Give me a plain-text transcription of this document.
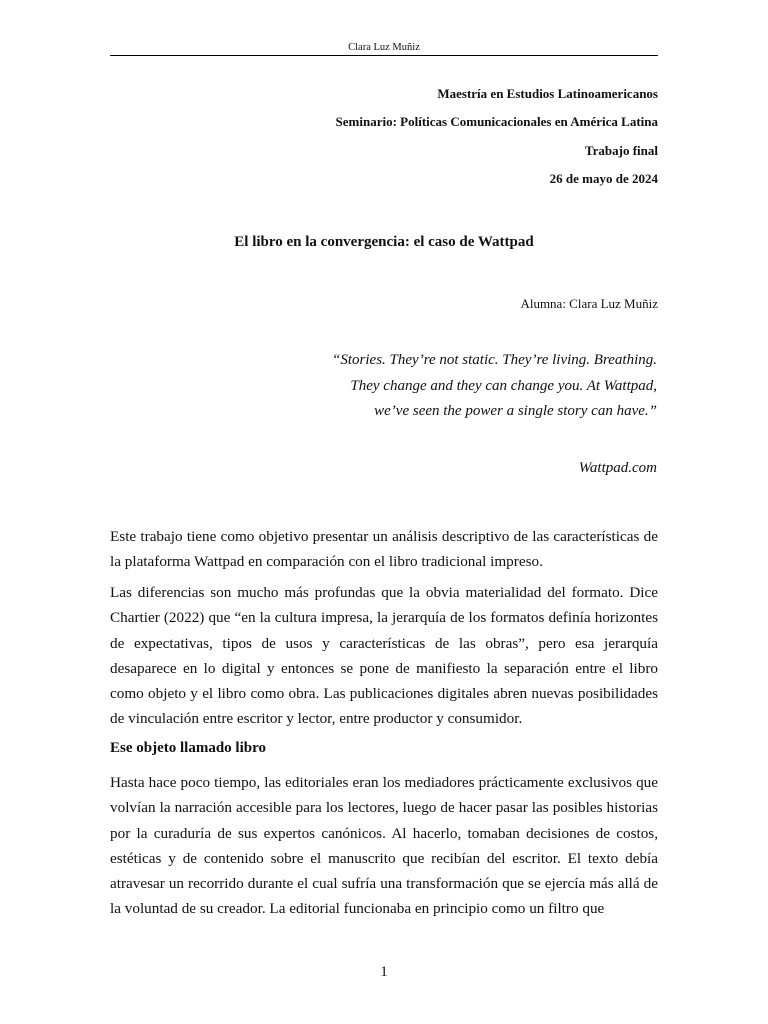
Clara Luz Muñiz
Maestría en Estudios Latinoamericanos
Seminario: Políticas Comunicacionales en América Latina
Trabajo final
26 de mayo de 2024
El libro en la convergencia: el caso de Wattpad
Alumna: Clara Luz Muñiz
“Stories. They’re not static. They’re living. Breathing. They change and they can change you. At Wattpad, we’ve seen the power a single story can have.”
Wattpad.com

Este trabajo tiene como objetivo presentar un análisis descriptivo de las características de la plataforma Wattpad en comparación con el libro tradicional impreso.

Las diferencias son mucho más profundas que la obvia materialidad del formato. Dice Chartier (2022) que “en la cultura impresa, la jerarquía de los formatos definía horizontes de expectativas, tipos de usos y características de las obras”, pero esa jerarquía desaparece en lo digital y entonces se pone de manifiesto la separación entre el libro como objeto y el libro como obra. Las publicaciones digitales abren nuevas posibilidades de vinculación entre escritor y lector, entre productor y consumidor.

Ese objeto llamado libro

Hasta hace poco tiempo, las editoriales eran los mediadores prácticamente exclusivos que volvían la narración accesible para los lectores, luego de hacer pasar las posibles historias por la curaduría de sus expertos canónicos. Al hacerlo, tomaban decisiones de costos, estéticas y de contenido sobre el manuscrito que recibían del escritor. El texto debía atravesar un recorrido durante el cual sufría una transformación que se ejercía más allá de la voluntad de su creador. La editorial funcionaba en principio como un filtro que

1
